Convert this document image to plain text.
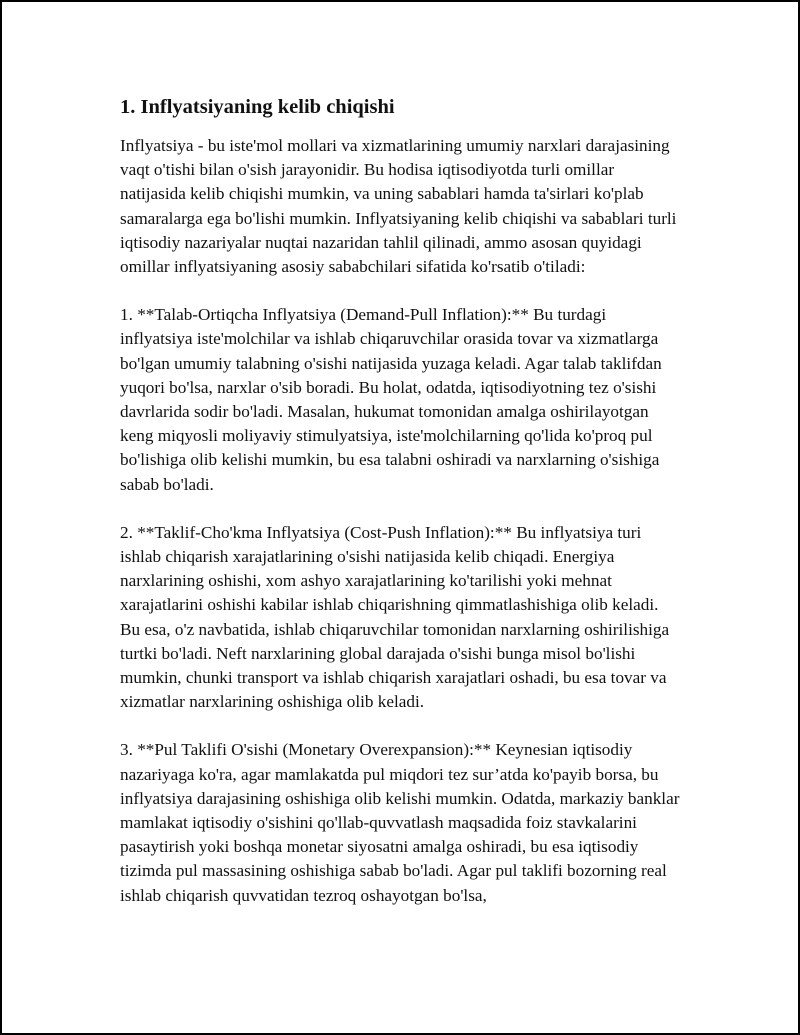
1. Inflyatsiyaning kelib chiqishi

Inflyatsiya - bu iste'mol mollari va xizmatlarining umumiy narxlari darajasining vaqt o'tishi bilan o'sish jarayonidir. Bu hodisa iqtisodiyotda turli omillar natijasida kelib chiqishi mumkin, va uning sabablari hamda ta'sirlari ko'plab samaralarga ega bo'lishi mumkin. Inflyatsiyaning kelib chiqishi va sabablari turli iqtisodiy nazariyalar nuqtai nazaridan tahlil qilinadi, ammo asosan quyidagi omillar inflyatsiyaning asosiy sababchilari sifatida ko'rsatib o'tiladi:

1. **Talab-Ortiqcha Inflyatsiya (Demand-Pull Inflation):** Bu turdagi inflyatsiya iste'molchilar va ishlab chiqaruvchilar orasida tovar va xizmatlarga bo'lgan umumiy talabning o'sishi natijasida yuzaga keladi. Agar talab taklifdan yuqori bo'lsa, narxlar o'sib boradi. Bu holat, odatda, iqtisodiyotning tez o'sishi davrlarida sodir bo'ladi. Masalan, hukumat tomonidan amalga oshirilayotgan keng miqyosli moliyaviy stimulyatsiya, iste'molchilarning qo'lida ko'proq pul bo'lishiga olib kelishi mumkin, bu esa talabni oshiradi va narxlarning o'sishiga sabab bo'ladi.

2. **Taklif-Cho'kma Inflyatsiya (Cost-Push Inflation):** Bu inflyatsiya turi ishlab chiqarish xarajatlarining o'sishi natijasida kelib chiqadi. Energiya narxlarining oshishi, xom ashyo xarajatlarining ko'tarilishi yoki mehnat xarajatlarini oshishi kabilar ishlab chiqarishning qimmatlashishiga olib keladi. Bu esa, o'z navbatida, ishlab chiqaruvchilar tomonidan narxlarning oshirilishiga turtki bo'ladi. Neft narxlarining global darajada o'sishi bunga misol bo'lishi mumkin, chunki transport va ishlab chiqarish xarajatlari oshadi, bu esa tovar va xizmatlar narxlarining oshishiga olib keladi.

3. **Pul Taklifi O'sishi (Monetary Overexpansion):** Keynesian iqtisodiy nazariyaga ko'ra, agar mamlakatda pul miqdori tez sur’atda ko'payib borsa, bu inflyatsiya darajasining oshishiga olib kelishi mumkin. Odatda, markaziy banklar mamlakat iqtisodiy o'sishini qo'llab-quvvatlash maqsadida foiz stavkalarini pasaytirish yoki boshqa monetar siyosatni amalga oshiradi, bu esa iqtisodiy tizimda pul massasining oshishiga sabab bo'ladi. Agar pul taklifi bozorning real ishlab chiqarish quvvatidan tezroq oshayotgan bo'lsa,
